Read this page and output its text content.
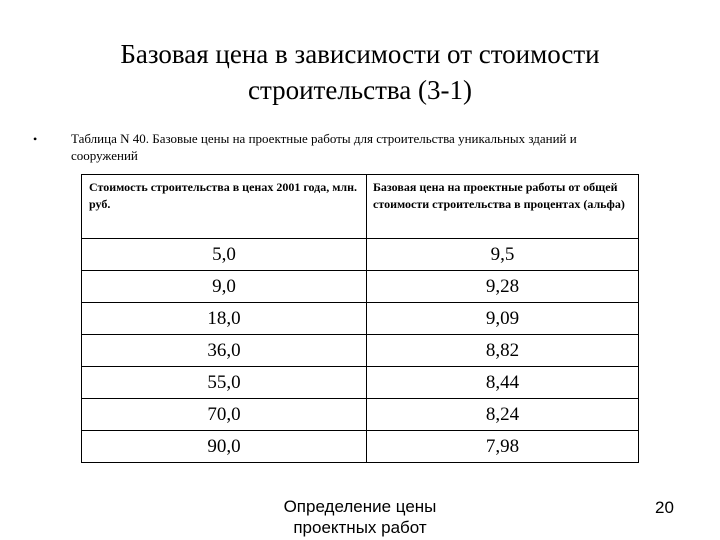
Базовая цена в зависимости от стоимости строительства (3-1)
•	Таблица N 40. Базовые цены на проектные работы для строительства уникальных зданий и сооружений
Стоимость строительства в ценах 2001 года, млн. руб.	Базовая цена на проектные работы от общей стоимости строительства в процентах (альфа)
5,0	9,5
9,0	9,28
18,0	9,09
36,0	8,82
55,0	8,44
70,0	8,24
90,0	7,98
Определение цены проектных работ
20
